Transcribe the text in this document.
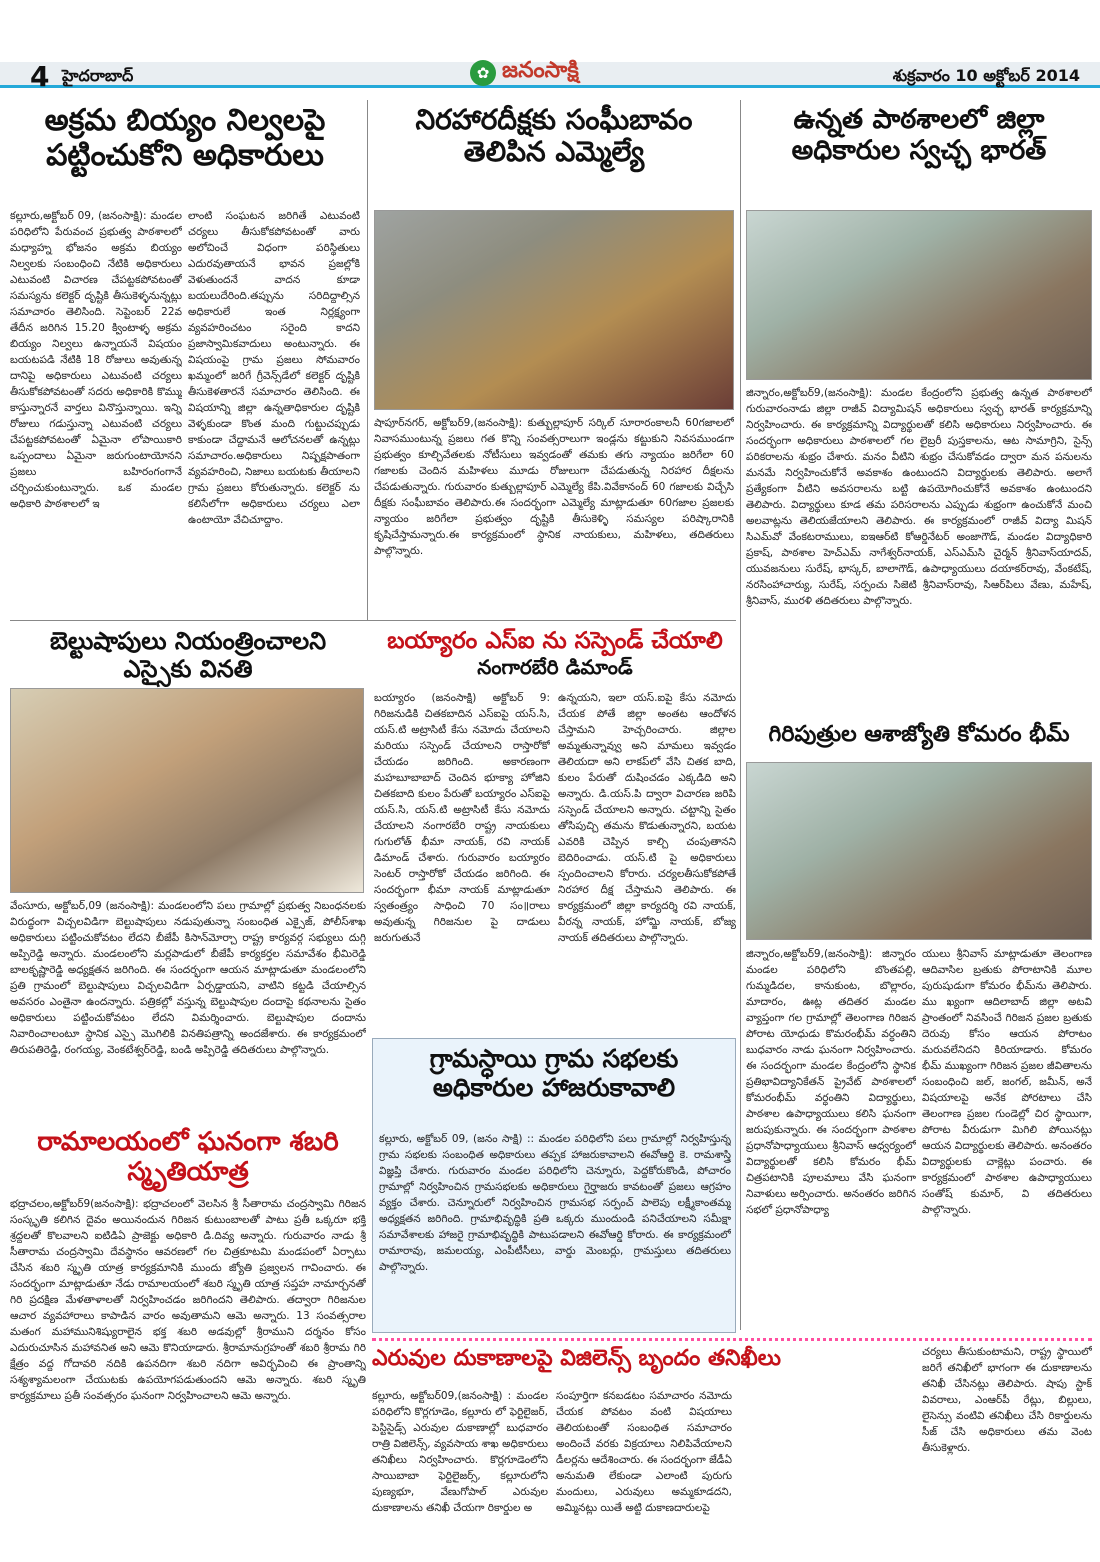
4 హైదరాబాద్	✿ జనంసాక్షి	శుక్రవారం 10 అక్టోబర్ 2014
అక్రమ బియ్యం నిల్వలపై
పట్టించుకోని అధికారులు
కల్లూరు,అక్టోబర్ 09, (జనంసాక్షి): మండల పరిధిలోని పేరువంచ ప్రభుత్వ పాఠశాలలో మధ్యాహ్న భోజనం అక్రమ బియ్యం నిల్వలకు సంబంధించి నేటికి అధికారులు ఎటువంటి విచారణ చేపట్టకపోవటంతో సమస్యను కలెక్టర్ దృష్టికి తీసుకెళ్ళనున్నట్లు సమాచారం తెలిసింది. సెప్టెంబర్ 22వ తేదీన జరిగిన 15.20 క్వింటాళ్ళ అక్రమ బియ్యం నిల్వలు ఉన్నాయనే విషయం బయటపడి నేటికి 18 రోజులు అవుతున్న దానిపై అధికారులు ఎటువంటి చర్యలు తీసుకోకపోవటంతో సదరు అధికారికి కొమ్ము కాస్తున్నారనే వార్తలు వినొస్తున్నాయి. ఇన్ని రోజులు గడుస్తున్నా ఎటువంటి చర్యలు చేపట్టకపోవటంతో ఏమైనా లోపాయికారి ఒప్పందాలు ఏమైనా జరుగుంటాయోనని ప్రజలు బహిరంగంగానే చర్చించుకుంటున్నారు. ఒక మండల అధికారి పాఠశాలలో ఇ
లాంటి సంఘటన జరిగితే ఎటువంటి చర్యలు తీసుకోకపోవటంతో వారు అలోచించే విధంగా పరిస్థితులు ఎదురవుతాయనే భావన ప్రజల్లోకి వెళుతుందనే వాదన కూడా బయలుదేరింది.తప్పును సరిదిద్దాల్సిన అధికారులే ఇంత నిర్లక్ష్యంగా వ్యవహరించటం సరైంది కాదని ప్రజాస్వామికవాదులు అంటున్నారు. ఈ విషయంపై గ్రామ ప్రజలు సోమవారం ఖమ్మంలో జరిగే గ్రీవెన్స్‌డేలో కలెక్టర్ దృష్టికి తీసుకెళతారనే సమాచారం తెలిసింది. ఈ విషయాన్ని జిల్లా ఉన్నతాధికారుల దృష్టికి వెళ్ళకుండా కొంత మంది గుట్టుచప్పుడు కాకుండా చేద్దామనే ఆలోచనలతో ఉన్నట్లు సమాచారం.అధికారులు నిష్పక్షపాతంగా వ్యవహరించి, నిజాలు బయటకు తీయాలని గ్రామ ప్రజలు కోరుతున్నారు. కలెక్టర్ ను కలిసేలోగా అధికారులు చర్యలు ఎలా ఉంటాయో వేచిచూద్దాం.
నిరహారదీక్షకు సంఘీబావం
తెలిపిన ఎమ్మెల్యే
షాపూర్‌నగర్, అక్టోబర్9,(జనంసాక్షి): కుత్బుల్లాపూర్ సర్కిల్ సూరారంకాలనీ 60గజాలలో నివాసముంటున్న ప్రజలు గత కొన్ని సంవత్సరాలుగా ఇండ్లను కట్టుకుని నివసముండగా ప్రభుత్వం కూల్చివేతలకు నోటీసులు ఇవ్వడంతో తమకు తగు న్యాయం జరిగేలా 60 గజాలకు చెందిన మహిళలు మూడు రోజులుగా చేపడుతున్న నిరహార దీక్షలను చేపడుతున్నారు. గురువారం కుత్బుల్లాపూర్ ఎమ్మెల్యే కేపి.వివేకానంద్ 60 గజాలకు విచ్చేసి దీక్షకు సంఘీబావం తెలిపారు.ఈ సందర్భంగా ఎమ్మెల్యే మాట్లాడుతూ 60గజాల ప్రజలకు న్యాయం జరిగేలా ప్రభుత్వం దృష్టికి తీసుకెళ్ళి సమస్యల పరిష్కారానికి కృషిచేస్తామన్నారు.ఈ కార్యక్రమంలో స్ధానిక నాయకులు, మహిళలు, తదితరులు పాల్గొన్నారు.
ఉన్నత పాఠశాలలో జిల్లా
అధికారుల స్వచ్ఛ భారత్
జిన్నారం,అక్టోబర్9,(జనంసాక్షి): మండల కేంద్రంలోని ప్రభుత్వ ఉన్నత పాఠశాలలో గురువారంనాడు జిల్లా రాజీవ్ విద్యామిషన్ అధికారులు స్వచ్ఛ భారత్ కార్యక్రమాన్ని నిర్వహించారు. ఈ కార్యక్రమాన్ని విద్యార్థులతో కలిసి అధికారులు నిర్వహించారు. ఈ సందర్భంగా అధికారులు పాఠశాలలో గల లైబ్రరీ పుస్తకాలను, ఆట సామాగ్రిని, సైన్స్ పరికరాలను శుభ్రం చేశారు. మనం వీటిని శుభ్రం చేసుకోవడం ద్వారా మన పనులను మనమే నిర్వహించుకోనే అవకాశం ఉంటుందని విద్యార్థులకు తెలిపారు. అలాగే ప్రత్యేకంగా వీటిని అవసరాలను బట్టి ఉపయోగించుకోనే అవకాశం ఉంటుందని తెలిపారు. విద్యార్థులు కూడ తమ పరిసరాలను ఎప్పుడు శుభ్రంగా ఉంచుకోనే మంచి అలవాట్లను తెలియజేయాలని తెలిపారు. ఈ కార్యక్రమంలో రాజీవ్ విద్యా మిషన్ సిఎమ్‌వో వేంకటరాములు, ఐఇఆర్‌టి కోఆర్డినేటర్ అంజాగౌడ్, మండల విద్యాధికారి ప్రకాష్, పాఠశాల హెచ్‌ఎమ్ నాగేశ్వర్‌నాయక్, ఎస్‌ఎమ్‌సి చైర్మన్ శ్రీనివాస్‌యాదవ్, యువజనులు సురేష్, భాస్కర్, బాలాగౌడ్, ఉపాధ్యాయులు దయాకర్‌రావు, వేంకటేష్, నరసింహాచార్యు, సురేష్, సర్పంచు సిజెటి శ్రీనివాస్‌రావు, సిఆర్‌పిలు వేణు, మహేష్, శ్రీనివాస్, మురళి తదితరులు పాల్గొన్నారు.
బెల్టుషాపులు నియంత్రించాలని
ఎస్సైకు వినతి
వేంసూరు, అక్టోబర్,09 (జనంసాక్షి): మండలంలోని పలు గ్రామాల్లో ప్రభుత్వ నిబంధనలకు విరుద్ధంగా విచ్చలవిడిగా బెల్టుషాపులు నడుపుతున్నా సంబంధిత ఎక్సైజ్, పోలీస్‌శాఖ అధికారులు పట్టించుకోవటం లేదని బీజేపీ కిసాన్‌మోర్చా రాష్ట్ర కార్యవర్గ సభ్యులు దుగ్గి అప్పిరెడ్డి అన్నారు. మండలంలోని మర్లపాడులో బీజేపీ కార్యకర్తల సమావేశం భీమిరెడ్డి బాలకృష్ణారెడ్డి అధ్యక్షతన జరిగింది. ఈ సందర్భంగా ఆయన మాట్లాడుతూ మండలంలోని ప్రతి గ్రామంలో బెల్టుషాపులు విచ్చలవిడిగా ఏర్పడ్డాయని, వాటిని కట్టడి చేయాల్సిన అవసరం ఎంతైనా ఉందన్నారు. పత్రికల్లో వస్తున్న బెల్టుషాపుల దందాపై కథనాలను సైతం అధికారులు పట్టించుకోవటం లేదని విమర్శించారు. బెల్టుషాపుల దందాను నివారించాలంటూ స్ధానిక ఎస్సై మొగిలికి వినతిపత్రాన్ని అందజేశారు. ఈ కార్యక్రమంలో తిరుపతిరెడ్డి, రంగయ్య, వెంకటేశ్వర్‌రెడ్డి, బండి అప్పిరెడ్డి తదితరులు పాల్గొన్నారు.
బయ్యారం ఎస్ఐ ను సస్పెండ్ చేయాలి
నంగారబేరి డిమాండ్
బయ్యారం (జనంసాక్షి) అక్టోబర్ 9: గిరిజనుడికి చితకబాదిన ఎస్ఐపై యస్.సి, యస్.టి అట్రాసిటీ కేసు నమోదు చేయాలని మరియు సస్పెండ్ చేయాలని రాస్తారోకో చేయడం జరిగింది. అకారణంగా మహబూబాబాద్ చెందిన భూక్యా హోజిని చితకబాది కులం పేరుతో బయ్యారం ఎస్ఐపై యస్.సి, యస్.టి అట్రాసిటీ కేసు నమోదు చేయాలని నంగారబేరి రాష్ట్ర నాయకులు గుగులోత్ భీమా నాయక్, రవి నాయక్ డిమాండ్ చేశారు. గురువారం బయ్యారం సెంటర్ రాస్తారోకో చేయడం జరిగింది. ఈ సందర్భంగా భీమా నాయక్ మాట్లాడుతూ స్వతంత్ర్యం సాధించి 70 సం॥రాలు అవుతున్న గిరిజనుల పై దాడులు జరుగుతునే
ఉన్నయని, ఇలా యస్.ఐపై కేసు నమోదు చేయక పోతే జిల్లా అంతట ఆందోళన చేస్తామని హెచ్చరించారు. జిల్లాల అమ్మతున్నావ్వు అని మామలు ఇవ్వడం తెలియదా అని లాకప్‌లో వేసి చితక బాది, కులం పేరుతో దుషించడం ఎక్కడిది అని అన్నారు. డి.యస్.పి ద్వారా విచారణ జరిపి సస్పెండ్ చేయాలని అన్నారు. చట్టాన్ని సైతం తోసిపుచ్చి తమను కొడుతున్నారని, బయట ఎవరికి చెప్పిన కాల్చి చంపుతానని బెదిరించాడు. యస్.టి పై అధికారులు స్పందించాలని కోరారు. చర్యలతీసుకోకపోతే నిరహార దీక్ష చేస్తామని తెలిపారు. ఈ కార్యక్రమంలో జిల్లా కార్యదర్శి రవి నాయక్, వీరన్న నాయక్, హోమ్జి నాయక్, బోజ్య నాయక్ తదితరులు పాల్గొన్నారు.
గిరిపుత్రుల ఆశాజ్యోతి కోమరం భీమ్
జిన్నారం,అక్టోబర్9,(జనంసాక్షి): జిన్నారం మండల పరిధిలోని బొంతపల్లి, గుమ్మడిదల, కానుకుంట, బొల్లారం, మాదారం, ఊట్ల తదితర మండల వ్యాప్తంగా గల గ్రామాల్లో తెలంగాణ గిరిజన పోరాట యోధుడు కొమరంభీమ్ వర్ధంతిని బుధవారం నాడు ఘనంగా నిర్వహించారు. ఈ సందర్భంగా మండల కేంద్రంలోని స్థానిక ప్రతిభావిద్యానికేతన్ ప్రైవేట్ పాఠశాలలో కోమరంభీమ్ వర్ధంతిని విద్యార్థులు, పాఠశాల ఉపాధ్యాయులు కలిసి ఘనంగా జరుపుకున్నారు. ఈ సందర్భంగా పాఠశాల ప్రధానోపాధ్యాయులు శ్రీనివాస్ ఆధ్వర్యంలో విద్యార్థులతో కలిసి కోమరం భీమ్ చిత్రపటానికి పూలమాలు వేసి ఘనంగా నివాళులు అర్పించారు. అనంతరం జరిగిన సభలో ప్రధానోపాధ్యా
యులు శ్రీనివాస్ మాట్లాడుతూ తెలంగాణ ఆదివాసిల బ్రతుకు పోరాటానికి మూల పురుషుడుగా కోమరం భీమ్‌ను తెలిపారు. ము ఖ్యంగా ఆదిలాబాద్ జిల్లా అటవి ప్రాంతంలో నివసించే గిరిజన ప్రజల బ్రతుకు దెరువు కోసం ఆయన పోరాటం మరువలేనిదని కిరియాడారు. కోమరం భీమ్ ముఖ్యంగా గిరిజన ప్రజల జీవితాలను సంబంధించి జల్, జంగల్, జమీన్, అనే విషయాలపై అనేక పోరటాలు చేసి తెలంగాణ ప్రజల గుండెల్లో చిర స్థాయిగా, పోరాట వీరుడుగా మిగిలి పోయినట్లు ఆయన విద్యార్థులకు తెలిపారు. అనంతరం విద్యార్థులకు చాక్లెట్లు పంచారు. ఈ కార్యక్రమంలో పాఠశాల ఉపాధ్యాయులు సంతోష్ కుమార్, వి తదితరులు పాల్గొన్నారు.
రామాలయంలో ఘనంగా శబరి
స్మృతియాత్ర
భద్రాచలం,అక్టోబర్9(జనంసాక్షి): భద్రాచలంలో వెలసిన శ్రీ సీతారామ చంద్రస్వామి గిరిజన సంస్కృతి కలిగిన దైవం అయినందున గిరిజన కుటుంబాలతో పాటు ప్రతీ ఒక్కరూ భక్తి శ్రద్దలతో కొలవాలని ఐటిడిఏ ప్రాజెక్టు అధికారి డి.దివ్య అన్నారు. గురువారం నాడు శ్రీ సీతారామ చంద్రస్వామి దేవస్థానం ఆవరణలో గల చిత్రకూటమి మండపంలో ఏర్పాటు చేసిన శబరి స్మృతి యాత్ర కార్యక్రమానికి ముందు జ్యోతి ప్రజ్వలన గావించారు. ఈ సందర్భంగా మాట్లాడుతూ నేడు రామాలయంలో శబరి స్మృతి యాత్ర సప్తహ నామార్చనతో గిరి ప్రదక్షిణ మేళతాళాలతో నిర్వహించడం జరిగిందని తెలిపారు. తద్వారా గిరిజనుల ఆచార వ్యవహారాలు కాపాడిన వారం అవుతామని ఆమె అన్నారు. 13 సంవత్సరాల మతంగ మహామునిశిష్యురాలైన భక్త శబరి అడవుల్లో శ్రీరాముని దర్శనం కోసం ఎదురుచూసిన మహావనిత అని ఆమె కొనియాడారు. శ్రీరామానుగ్రహంతో శబరి శ్రీరామ గిరి క్షేత్రం వద్ద గోదావరి నదికి ఉపనదిగా శబరి నదిగా అవిర్భవించి ఈ ప్రాంతాన్ని సశ్యశ్యామలంగా చేయుటకు ఉపయోగపడుతుందని ఆమె అన్నారు. శబరి స్మృతి కార్యక్రమాలు ప్రతీ సంవత్సరం ఘనంగా నిర్వహించాలని ఆమె అన్నారు.
గ్రామస్ధాయి గ్రామ సభలకు
అధికారుల హాజరుకావాలి
కల్లూరు, అక్టోబర్ 09, (జనం సాక్షి) :: మండల పరిధిలోని పలు గ్రామాల్లో నిర్వహిస్తున్న గ్రామ సభలకు సంబంధిత అధికారులు తప్పక హాజరుకావాలని ఈవోఆర్డి కె. రామశాస్త్రి విజ్ఞప్తి చేశారు. గురువారం మండల పరిధిలోని చెన్నూరు, పెద్దకోరుకొండి, పోచారం గ్రామాల్లో నిర్వహించిన గ్రామసభలకు అధికారులు గైర్హాజరు కావటంతో ప్రజలు ఆగ్రహం వ్యక్తం చేశారు. చెన్నూరులో నిర్వహించిన గ్రామసభ సర్పంచ్ పాలెపు లక్ష్మీకాంతమ్మ అధ్యక్షతన జరిగింది. గ్రామాభివృద్ధికి ప్రతి ఒక్కరు ముందుండి పనిచేయాలని సమీక్షా సమావేశాలకు హాజరై గ్రామాభివృద్ధికి పాటుపడాలని ఈవోఆర్డి కోరారు. ఈ కార్యక్రమంలో రామారావు, జమలయ్య, ఎంపీటీసీలు, వార్డు మెంబర్లు, గ్రామస్తులు తదితరులు పాల్గొన్నారు.
ఎరువుల దుకాణాలపై విజిలెన్స్ బృందం తనిఖీలు
కల్లూరు, అక్టోబర్09,(జనంసాక్షి) : మండల పరిధిలోని కొర్లగూడెం, కల్లూరు లో ఫెర్టిలైజర్, పెస్టిసైడ్స్ ఎరువుల దుకాణాల్లో బుధవారం రాత్రి విజిలెన్స్, వ్యవసాయ శాఖ అధికారులు తనిఖీలు నిర్వహించారు. కొర్లగూడెంలోని సాయిబాబా ఫెర్టిలైజర్స్, కల్లూరులోని పుణ్యభూ, వేణుగోపాల్ ఎరువుల దుకాణాలను తనిఖీ చేయగా రికార్డుల అ
సంపూర్తిగా కనబడటం సమాచారం నమోదు చేయక పోవటం వంటి విషయాలు తెలియటంతో సంబంధిత సమాచారం అందించే వరకు విక్రయాలు నిలిపివేయాలని డీలర్లను ఆదేశించారు. ఈ సందర్భంగా జేడీఏ అనుమతి లేకుండా ఎలాంటి పురుగు మందులు, ఎరువులు అమ్మకూడదని, అమ్మినట్లు యితే అట్టి దుకాణదారులపై
చర్యలు తీసుకుంటామని, రాష్ట్ర స్థాయిలో జరిగే తనిఖీలో భాగంగా ఈ దుకాణాలను తనిఖీ చేసినట్లు తెలిపారు. షాపు స్టాక్ వివరాలు, ఎంఆర్‌పీ రేట్లు, బిల్లులు, లైసెన్సు వంటివి తనిఖీలు చేసి రికార్డులను సీజ్ చేసి అధికారులు తమ వెంట తీసుకెళ్లారు.
